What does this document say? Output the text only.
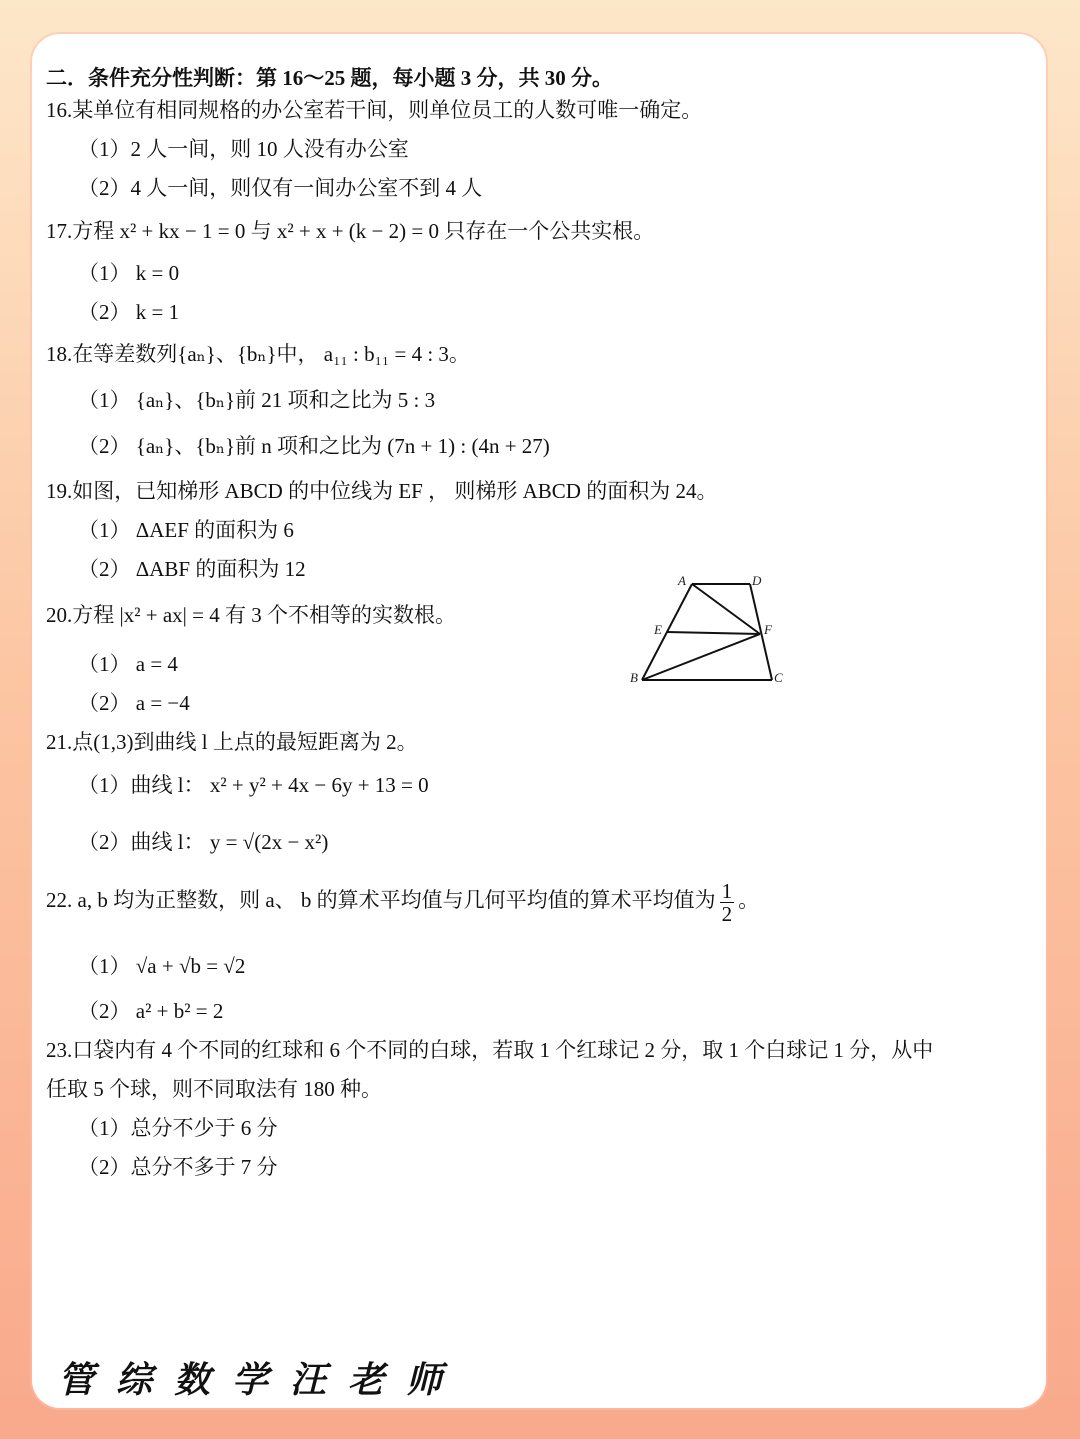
二．条件充分性判断：第 16～25 题，每小题 3 分，共 30 分。
16.某单位有相同规格的办公室若干间，则单位员工的人数可唯一确定。
（1）2 人一间，则 10 人没有办公室
（2）4 人一间，则仅有一间办公室不到 4 人
17.方程 x² + kx − 1 = 0 与 x² + x + (k − 2) = 0 只存在一个公共实根。
（1） k = 0
（2） k = 1
18.在等差数列{aₙ}、{bₙ}中， a₁₁ : b₁₁ = 4 : 3。
（1） {aₙ}、{bₙ}前 21 项和之比为 5 : 3
（2） {aₙ}、{bₙ}前 n 项和之比为 (7n + 1) : (4n + 27)
19.如图，已知梯形 ABCD 的中位线为 EF ， 则梯形 ABCD 的面积为 24。
（1） ΔAEF 的面积为 6
（2） ΔABF 的面积为 12
20.方程 |x² + ax| = 4 有 3 个不相等的实数根。
（1） a = 4
（2） a = −4
21.点(1,3)到曲线 l 上点的最短距离为 2。
（1）曲线 l： x² + y² + 4x − 6y + 13 = 0
（2）曲线 l： y = √(2x − x²)
22. a, b 均为正整数，则 a、 b 的算术平均值与几何平均值的算术平均值为 $\frac{1}{2}$ 。
（1） √a + √b = √2
（2） a² + b² = 2
23.口袋内有 4 个不同的红球和 6 个不同的白球，若取 1 个红球记 2 分，取 1 个白球记 1 分，从中
任取 5 个球，则不同取法有 180 种。
（1）总分不少于 6 分
（2）总分不多于 7 分
A	D
E	F
B	C
管综数学汪老师
